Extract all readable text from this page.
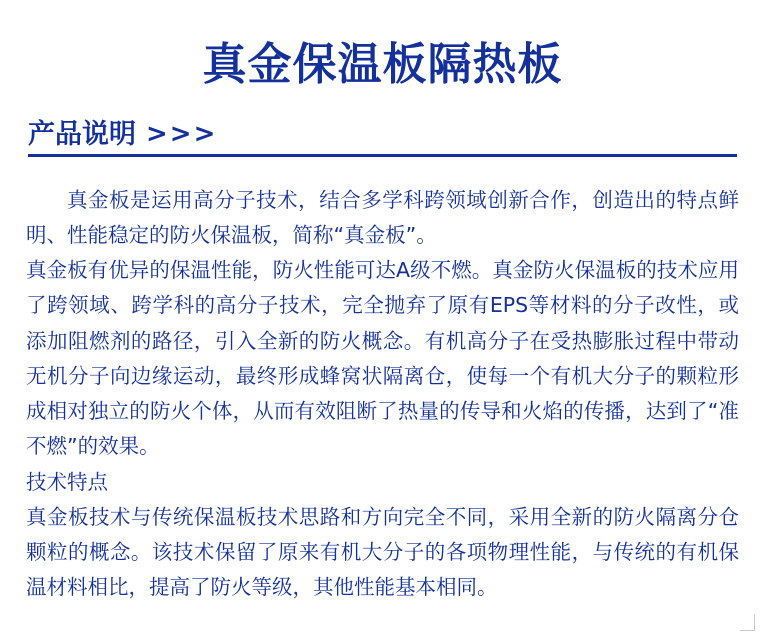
真金保温板隔热板
产品说明 >>>

真金板是运用高分子技术，结合多学科跨领域创新合作，创造出的特点鲜明、性能稳定的防火保温板，简称“真金板”。

真金板有优异的保温性能，防火性能可达A级不燃。真金防火保温板的技术应用了跨领域、跨学科的高分子技术，完全抛弃了原有EPS等材料的分子改性，或添加阻燃剂的路径，引入全新的防火概念。有机高分子在受热膨胀过程中带动无机分子向边缘运动，最终形成蜂窝状隔离仓，使每一个有机大分子的颗粒形成相对独立的防火个体，从而有效阻断了热量的传导和火焰的传播，达到了“准不燃”的效果。

技术特点

真金板技术与传统保温板技术思路和方向完全不同，采用全新的防火隔离分仓颗粒的概念。该技术保留了原来有机大分子的各项物理性能，与传统的有机保温材料相比，提高了防火等级，其他性能基本相同。
